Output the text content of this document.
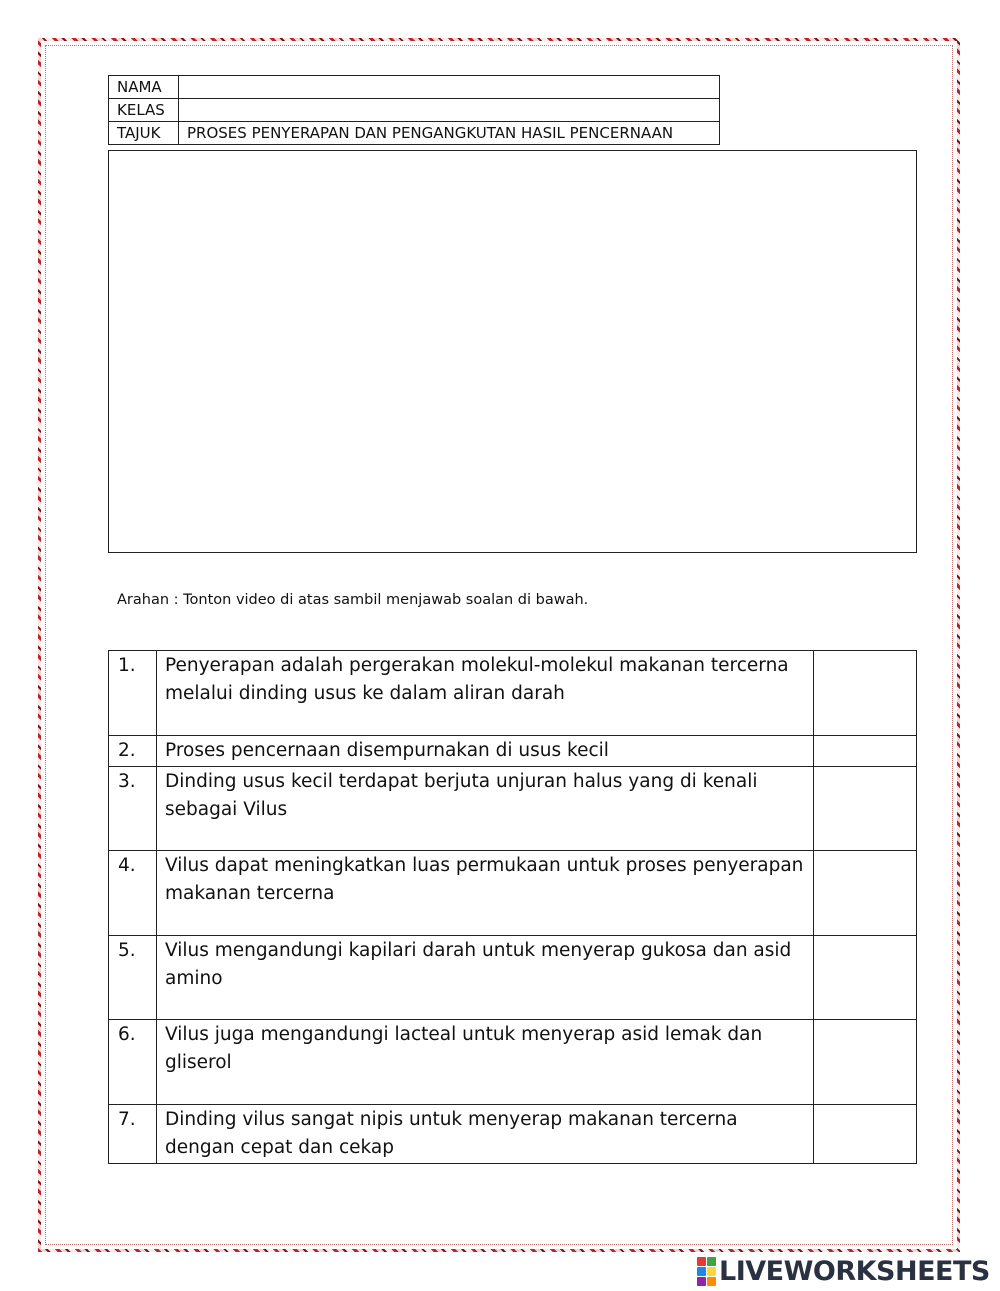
NAMA	
KELAS	
TAJUK	PROSES PENYERAPAN DAN PENGANGKUTAN HASIL PENCERNAAN
Arahan : Tonton video di atas sambil menjawab soalan di bawah.
1.	Penyerapan adalah pergerakan molekul-molekul makanan tercerna melalui dinding usus ke dalam aliran darah	
2.	Proses pencernaan disempurnakan di usus kecil	
3.	Dinding usus kecil terdapat berjuta unjuran halus yang di kenali sebagai Vilus	
4.	Vilus dapat meningkatkan luas permukaan untuk proses penyerapan makanan tercerna	
5.	Vilus mengandungi kapilari darah untuk menyerap gukosa dan asid amino	
6.	Vilus juga mengandungi lacteal untuk menyerap asid lemak dan gliserol	
7.	Dinding vilus sangat nipis untuk menyerap makanan tercerna dengan cepat dan cekap	
LIVEWORKSHEETS
